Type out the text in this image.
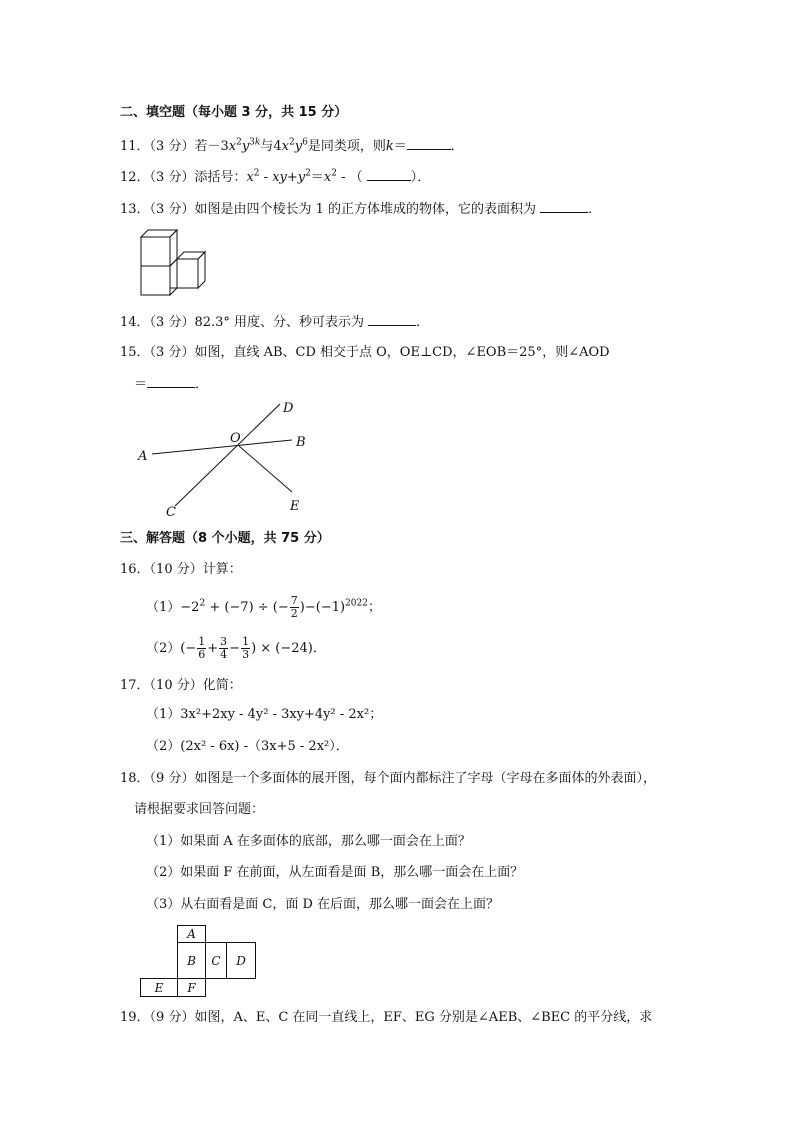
二、填空题（每小题 3 分，共 15 分）
11．（3 分）若$-3x^2y^{3k}$与$4x^2y^6$是同类项，则k＝	．
12．（3 分）添括号：$x^2 - xy+y^2=x^2$ - （	）．
13．（3 分）如图是由四个棱长为 1 的正方体堆成的物体，它的表面积为	．
14．（3 分）82.3° 用度、分、秒可表示为	．
15．（3 分）如图，直线 AB、CD 相交于点 O，OE⊥CD，∠EOB＝25°，则∠AOD
＝	．
A
B
C
D
E
O
三、解答题（8 个小题，共 75 分）
16．（10 分）计算：
$(1)-2^2 + (-7)$ ÷ (− $\frac{7}{2} )-(-1)^{2022}$；
$(2)(- \frac{1}{6} + \frac{3}{4} - \frac{1}{3}$ ) × (−24)．
17．（10 分）化简：
（1）3x²+2xy - 4y² - 3xy+4y² - 2x²；
（2）(2x² - 6x) -（3x+5 - 2x²）．
18．（9 分）如图是一个多面体的展开图，每个面内都标注了字母（字母在多面体的外表面），
请根据要求回答问题：
（1）如果面 A 在多面体的底部，那么哪一面会在上面？
（2）如果面 F 在前面，从左面看是面 B，那么哪一面会在上面？
（3）从右面看是面 C，面 D 在后面，那么哪一面会在上面？
A
B	C	D
E	F
19．（9 分）如图，A、E、C 在同一直线上，EF、EG 分别是∠AEB、∠BEC 的平分线，求
